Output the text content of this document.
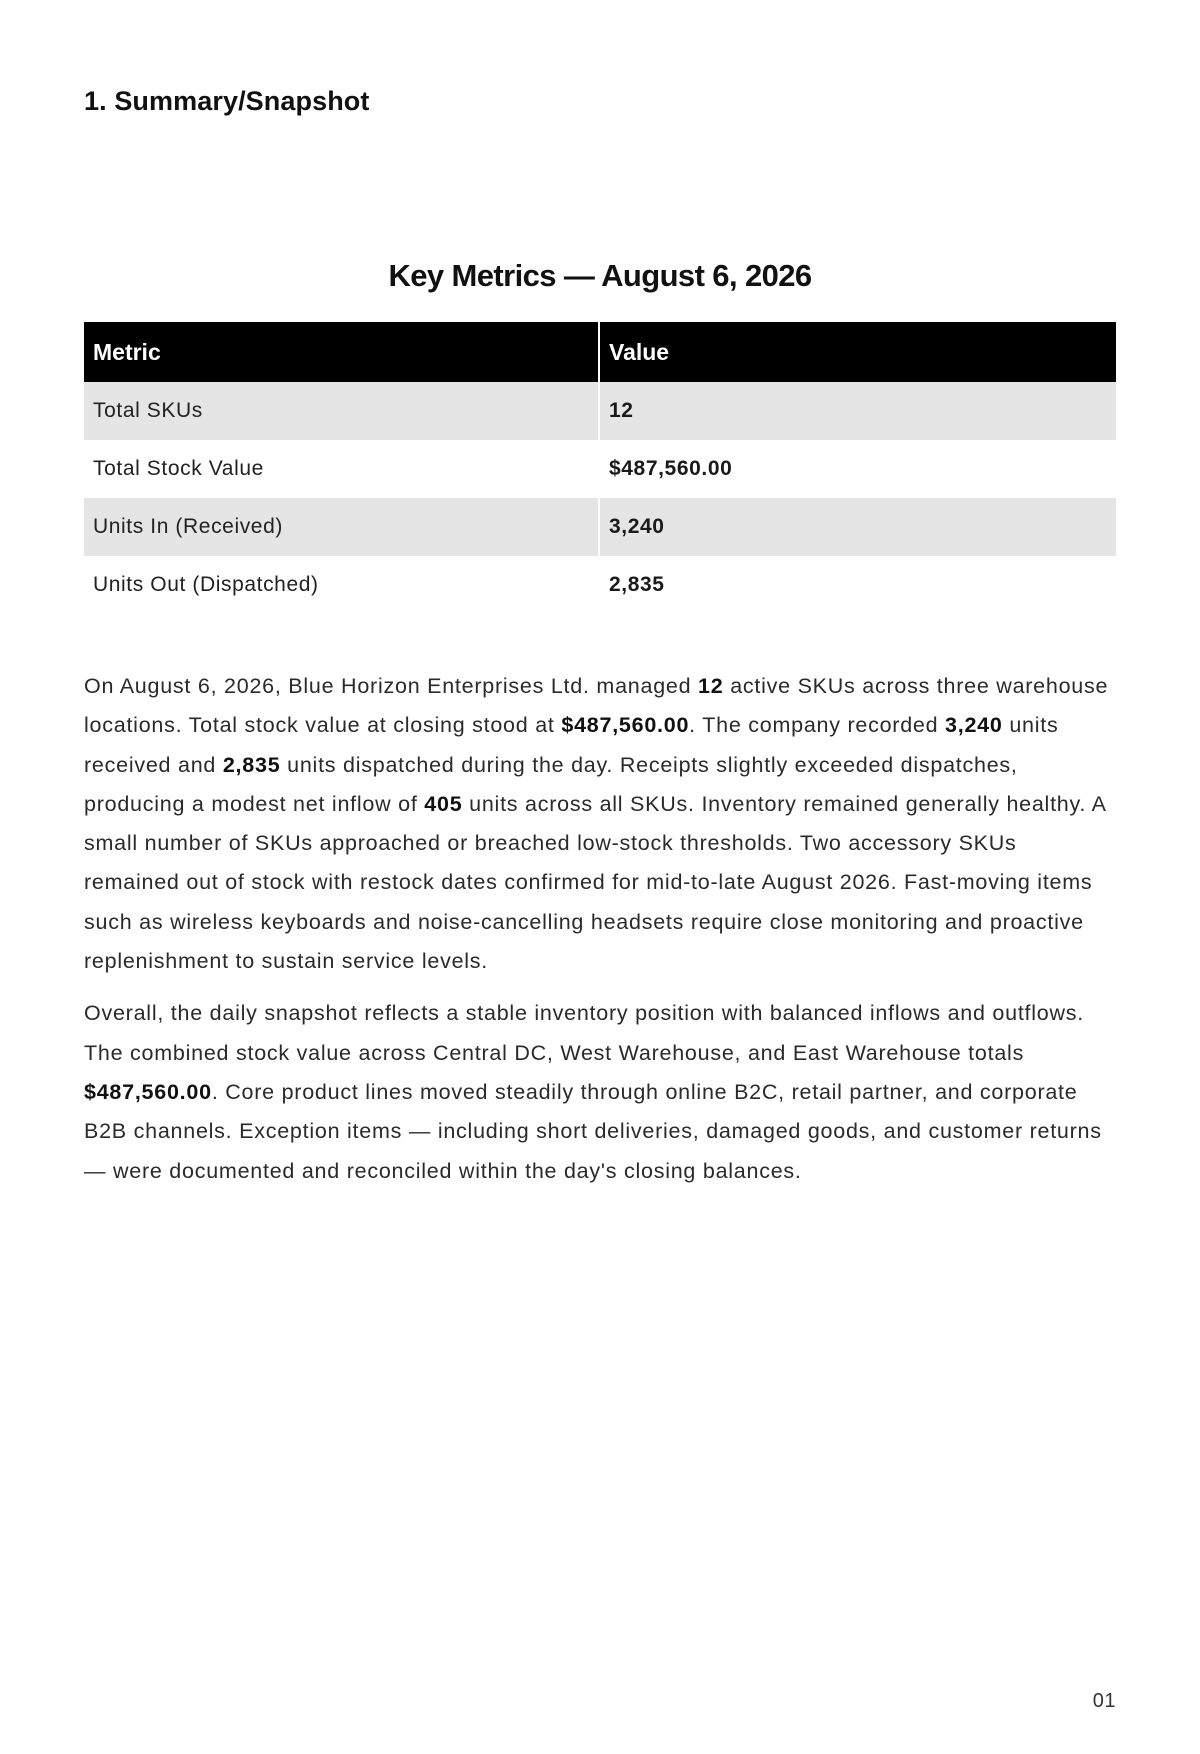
1. Summary/Snapshot
Key Metrics — August 6, 2026
Metric	Value
Total SKUs	12
Total Stock Value	$487,560.00
Units In (Received)	3,240
Units Out (Dispatched)	2,835

On August 6, 2026, Blue Horizon Enterprises Ltd. managed 12 active SKUs across three warehouse locations. Total stock value at closing stood at $487,560.00. The company recorded 3,240 units received and 2,835 units dispatched during the day. Receipts slightly exceeded dispatches, producing a modest net inflow of 405 units across all SKUs. Inventory remained generally healthy. A small number of SKUs approached or breached low-stock thresholds. Two accessory SKUs remained out of stock with restock dates confirmed for mid-to-late August 2026. Fast-moving items such as wireless keyboards and noise-cancelling headsets require close monitoring and proactive replenishment to sustain service levels.

Overall, the daily snapshot reflects a stable inventory position with balanced inflows and outflows. The combined stock value across Central DC, West Warehouse, and East Warehouse totals $487,560.00. Core product lines moved steadily through online B2C, retail partner, and corporate B2B channels. Exception items — including short deliveries, damaged goods, and customer returns — were documented and reconciled within the day's closing balances.

01
